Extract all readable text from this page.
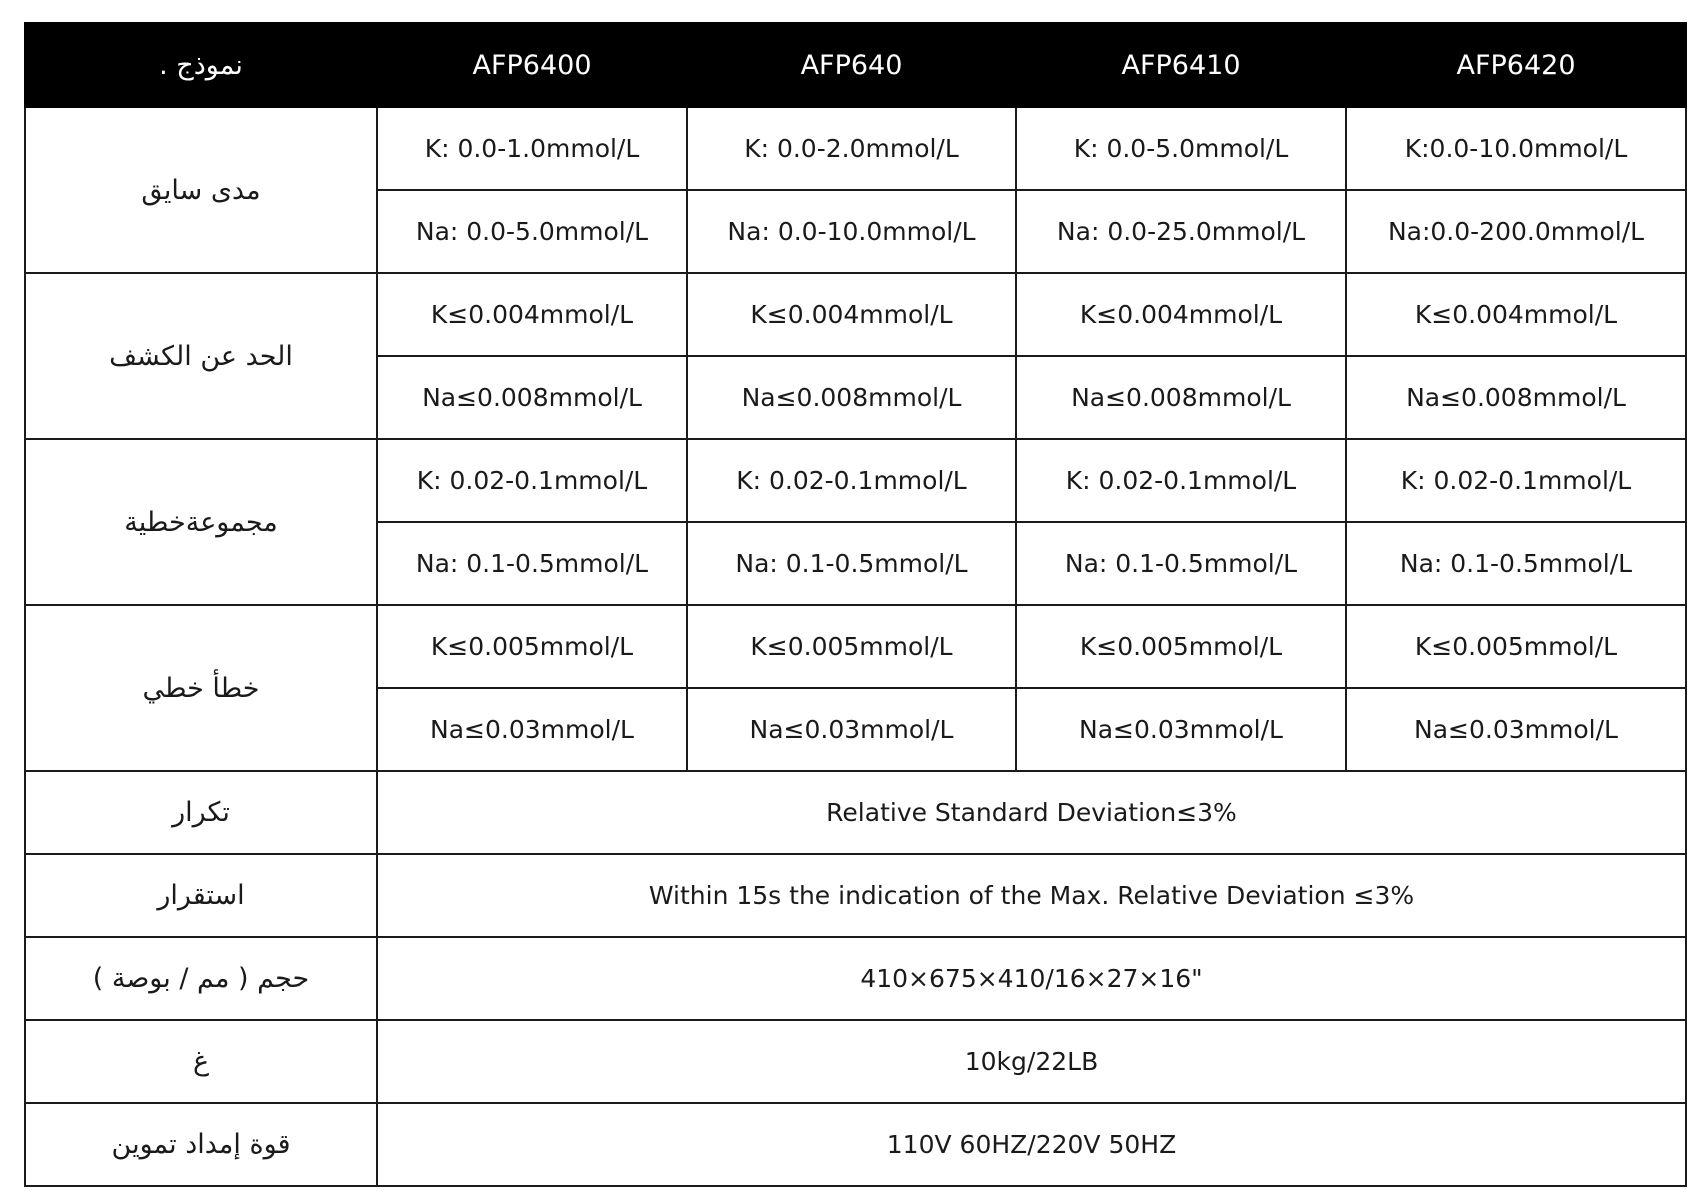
نموذج .	AFP6400	AFP640	AFP6410	AFP6420
مدى سايق	K: 0.0-1.0mmol/L	K: 0.0-2.0mmol/L	K: 0.0-5.0mmol/L	K:0.0-10.0mmol/L
	Na: 0.0-5.0mmol/L	Na: 0.0-10.0mmol/L	Na: 0.0-25.0mmol/L	Na:0.0-200.0mmol/L
الحد عن الكشف	K≤0.004mmol/L	K≤0.004mmol/L	K≤0.004mmol/L	K≤0.004mmol/L
	Na≤0.008mmol/L	Na≤0.008mmol/L	Na≤0.008mmol/L	Na≤0.008mmol/L
مجموعةخطية	K: 0.02-0.1mmol/L	K: 0.02-0.1mmol/L	K: 0.02-0.1mmol/L	K: 0.02-0.1mmol/L
	Na: 0.1-0.5mmol/L	Na: 0.1-0.5mmol/L	Na: 0.1-0.5mmol/L	Na: 0.1-0.5mmol/L
خطأ خطي	K≤0.005mmol/L	K≤0.005mmol/L	K≤0.005mmol/L	K≤0.005mmol/L
	Na≤0.03mmol/L	Na≤0.03mmol/L	Na≤0.03mmol/L	Na≤0.03mmol/L
تكرار	Relative Standard Deviation≤3%			
استقرار	Within 15s the indication of the Max. Relative Deviation ≤3%			
حجم ( مم / بوصة )	410×675×410/16×27×16"			
غ	10kg/22LB			
قوة إمداد تموين	110V 60HZ/220V 50HZ			
